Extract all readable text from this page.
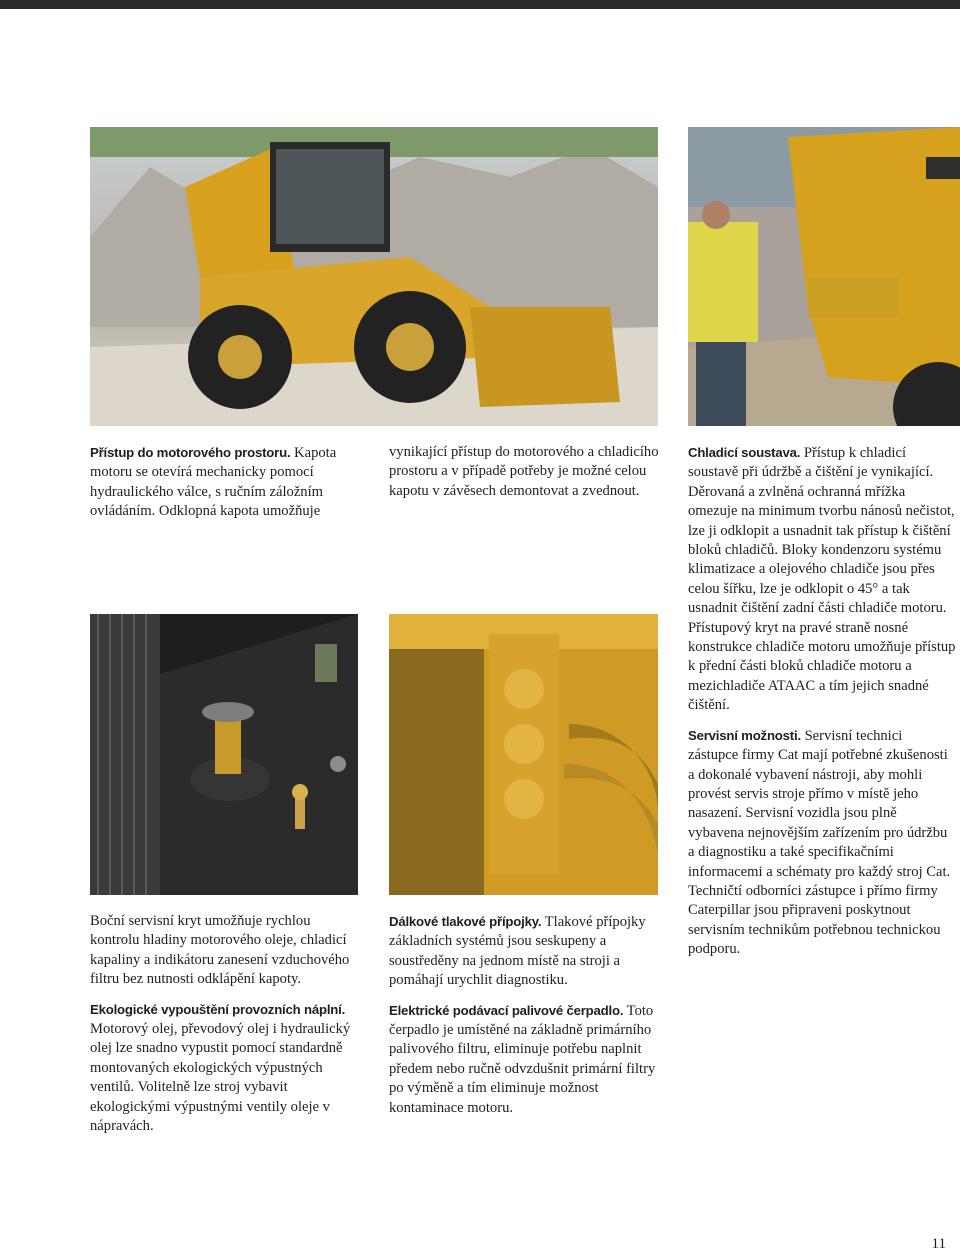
Přístup do motorového prostoru. Kapota motoru se otevírá mechanicky pomocí hydraulického válce, s ručním záložním ovládáním. Odklopná kapota umožňuje

vynikající přístup do motorového a chladicího prostoru a v případě potřeby je možné celou kapotu v závěsech demontovat a zvednout.

Chladicí soustava. Přístup k chladicí soustavě při údržbě a čištění je vynikající. Děrovaná a zvlněná ochranná mřížka omezuje na minimum tvorbu nánosů nečistot, lze ji odklopit a usnadnit tak přístup k čištění bloků chladičů. Bloky kondenzoru systému klimatizace a olejového chladiče jsou přes celou šířku, lze je odklopit o 45° a tak usnadnit čištění zadní části chladiče motoru. Přístupový kryt na pravé straně nosné konstrukce chladiče motoru umožňuje přístup k přední části bloků chladiče motoru a mezichladiče ATAAC a tím jejich snadné čištění.

Servisní možnosti. Servisní technici zástupce firmy Cat mají potřebné zkušenosti a dokonalé vybavení nástroji, aby mohli provést servis stroje přímo v místě jeho nasazení. Servisní vozidla jsou plně vybavena nejnovějším zařízením pro údržbu a diagnostiku a také specifikačními informacemi a schématy pro každý stroj Cat. Techničtí odborníci zástupce i přímo firmy Caterpillar jsou připraveni poskytnout servisním technikům potřebnou technickou podporu.

Boční servisní kryt umožňuje rychlou kontrolu hladiny motorového oleje, chladicí kapaliny a indikátoru zanesení vzduchového filtru bez nutnosti odklápění kapoty.

Ekologické vypouštění provozních náplní. Motorový olej, převodový olej i hydraulický olej lze snadno vypustit pomocí standardně montovaných ekologických výpustných ventilů. Volitelně lze stroj vybavit ekologickými výpustnými ventily oleje v nápravách.

Dálkové tlakové přípojky. Tlakové přípojky základních systémů jsou seskupeny a soustředěny na jednom místě na stroji a pomáhají urychlit diagnostiku.

Elektrické podávací palivové čerpadlo. Toto čerpadlo je umístěné na základně primárního palivového filtru, eliminuje potřebu naplnit předem nebo ručně odvzdušnit primární filtry po výměně a tím eliminuje možnost kontaminace motoru.

11
